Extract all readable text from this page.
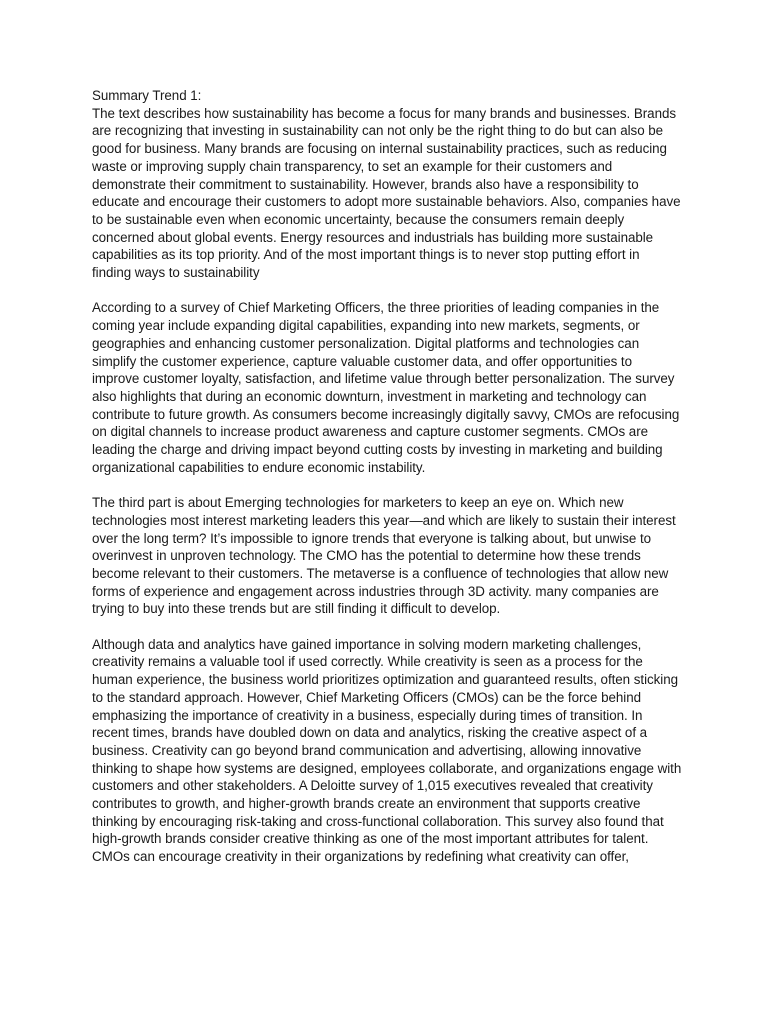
Summary Trend 1:
The text describes how sustainability has become a focus for many brands and businesses. Brands are recognizing that investing in sustainability can not only be the right thing to do but can also be good for business. Many brands are focusing on internal sustainability practices, such as reducing waste or improving supply chain transparency, to set an example for their customers and demonstrate their commitment to sustainability. However, brands also have a responsibility to educate and encourage their customers to adopt more sustainable behaviors. Also, companies have to be sustainable even when economic uncertainty, because the consumers remain deeply concerned about global events. Energy resources and industrials has building more sustainable capabilities as its top priority. And of the most important things is to never stop putting effort in finding ways to sustainability

According to a survey of Chief Marketing Officers, the three priorities of leading companies in the coming year include expanding digital capabilities, expanding into new markets, segments, or geographies and enhancing customer personalization. Digital platforms and technologies can simplify the customer experience, capture valuable customer data, and offer opportunities to improve customer loyalty, satisfaction, and lifetime value through better personalization. The survey also highlights that during an economic downturn, investment in marketing and technology can contribute to future growth. As consumers become increasingly digitally savvy, CMOs are refocusing on digital channels to increase product awareness and capture customer segments. CMOs are leading the charge and driving impact beyond cutting costs by investing in marketing and building organizational capabilities to endure economic instability.

The third part is about Emerging technologies for marketers to keep an eye on. Which new technologies most interest marketing leaders this year—and which are likely to sustain their interest over the long term? It’s impossible to ignore trends that everyone is talking about, but unwise to overinvest in unproven technology. The CMO has the potential to determine how these trends become relevant to their customers. The metaverse is a confluence of technologies that allow new forms of experience and engagement across industries through 3D activity. many companies are trying to buy into these trends but are still finding it difficult to develop.

Although data and analytics have gained importance in solving modern marketing challenges, creativity remains a valuable tool if used correctly. While creativity is seen as a process for the human experience, the business world prioritizes optimization and guaranteed results, often sticking to the standard approach. However, Chief Marketing Officers (CMOs) can be the force behind emphasizing the importance of creativity in a business, especially during times of transition. In recent times, brands have doubled down on data and analytics, risking the creative aspect of a business. Creativity can go beyond brand communication and advertising, allowing innovative thinking to shape how systems are designed, employees collaborate, and organizations engage with customers and other stakeholders. A Deloitte survey of 1,015 executives revealed that creativity contributes to growth, and higher-growth brands create an environment that supports creative thinking by encouraging risk-taking and cross-functional collaboration. This survey also found that high-growth brands consider creative thinking as one of the most important attributes for talent. CMOs can encourage creativity in their organizations by redefining what creativity can offer,
